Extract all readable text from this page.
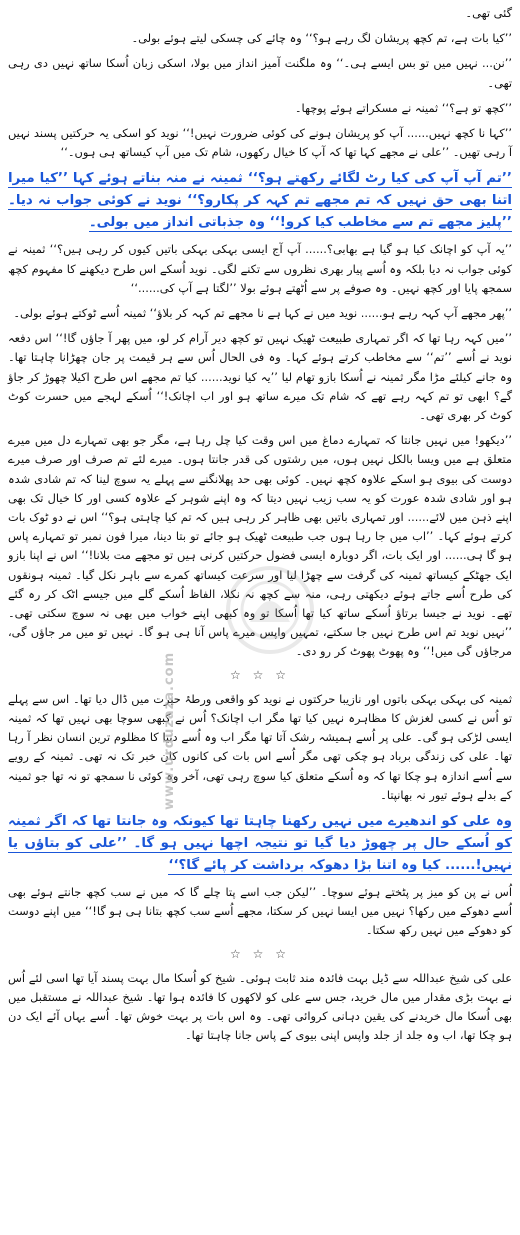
گئی تھی۔
’’کیا بات ہے، تم کچھ پریشان لگ رہے ہو؟‘‘ وہ چائے کی چسکی لیتے ہوئے بولی۔
’’نن... نہیں میں تو بس ایسے ہی۔‘‘ وہ ملگنت آمیز انداز میں بولا، اسکی زبان اُسکا ساتھ نہیں دی رہی تھی۔
’’کچھ تو ہے؟‘‘ ثمینہ نے مسکراتے ہوئے پوچھا۔
’’کہا نا کچھ نہیں...... آپ کو پریشان ہونے کی کوئی ضرورت نہیں!‘‘ نوید کو اسکی یہ حرکتیں پسند نہیں آ رہی تھیں۔ ’’علی نے مجھے کہا تھا کہ آپ کا خیال رکھوں، شام تک میں آپ کیساتھ ہی ہوں۔‘‘
’’تم آپ آپ کی کیا رٹ لگائے رکھتے ہو؟‘‘ ثمینہ نے منہ بناتے ہوئے کہا ’’کیا میرا اتنا بھی حق نہیں کہ تم مجھے تم کہہ کر پکارو؟‘‘ نوید نے کوئی جواب نہ دیا۔ ’’پلیز مجھے تم سے مخاطب کیا کرو!‘‘ وہ جذباتی انداز میں بولی۔
’’یہ آپ کو اچانک کیا ہو گیا ہے بھابی؟...... آپ آج ایسی بہکی بہکی باتیں کیوں کر رہی ہیں؟‘‘ ثمینہ نے کوئی جواب نہ دیا بلکہ وہ اُسے پیار بھری نظروں سے تکنے لگی۔ نوید اُسکے اس طرح دیکھنے کا مفہوم کچھ سمجھ پایا اور کچھ نہیں۔ وہ صوفے پر سے اُٹھتے ہوئے بولا ’’لگتا ہے آپ کی......‘‘
’’پھر مجھے آپ کہہ رہے ہو...... نوید میں نے کہا ہے نا مجھے تم کہہ کر بلاؤ‘‘ ثمینہ اُسے ٹوکتے ہوئے بولی۔
’’میں کہہ رہا تھا کہ اگر تمہاری طبیعت ٹھیک نہیں تو کچھ دیر آرام کر لو، میں پھر آ جاؤں گا!‘‘ اس دفعہ نوید نے اُسے ’’تم‘‘ سے مخاطب کرتے ہوئے کہا۔ وہ فی الحال اُس سے ہر قیمت پر جان چھڑانا چاہتا تھا۔ وہ جانے کیلئے مڑا مگر ثمینہ نے اُسکا بازو تھام لیا ’’یہ کیا نوید...... کیا تم مجھے اس طرح اکیلا چھوڑ کر جاؤ گے؟ ابھی تو تم کہہ رہے تھے کہ شام تک میرے ساتھ ہو اور اب اچانک!‘‘ اُسکے لہجے میں حسرت کوٹ کوٹ کر بھری تھی۔
’’دیکھو! میں نہیں جانتا کہ تمہارے دماغ میں اس وقت کیا چل رہا ہے، مگر جو بھی تمہارے دل میں میرے متعلق ہے میں ویسا بالکل نہیں ہوں، میں رشتوں کی قدر جانتا ہوں۔ میرے لئے تم صرف اور صرف میرے دوست کی بیوی ہو اسکے علاوہ کچھ نہیں۔ کوئی بھی حد پھلانگنے سے پہلے یہ سوچ لینا کہ تم شادی شدہ ہو اور شادی شدہ عورت کو یہ سب زیب نہیں دیتا کہ وہ اپنے شوہر کے علاوہ کسی اور کا خیال تک بھی اپنے ذہن میں لائے...... اور تمہاری باتیں بھی ظاہر کر رہی ہیں کہ تم کیا چاہتی ہو؟‘‘ اس نے دو ٹوک بات کرتے ہوئے کہا۔ ’’اب میں جا رہا ہوں جب طبیعت ٹھیک ہو جائے تو بتا دینا، میرا فون نمبر تو تمہارے پاس ہو گا ہی...... اور ایک بات، اگر دوبارہ ایسی فضول حرکتیں کرنی ہیں تو مجھے مت بلانا!‘‘ اس نے اپنا بازو ایک جھٹکے کیساتھ ثمینہ کی گرفت سے چھڑا لیا اور سرعت کیساتھ کمرے سے باہر نکل گیا۔ ثمینہ ہونقوں کی طرح اُسے جاتے ہوئے دیکھتی رہی، منہ سے کچھ نہ نکلا، الفاظ اُسکے گلے میں جیسے اٹک کر رہ گئے تھے۔ نوید نے جیسا برتاؤ اُسکے ساتھ کیا تھا اُسکا تو وہ کبھی اپنے خواب میں بھی نہ سوچ سکتی تھی۔ ’’نہیں نوید تم اس طرح نہیں جا سکتے، تمہیں واپس میرے پاس آنا ہی ہو گا۔ نہیں تو میں مر جاؤں گی، مرجاؤں گی میں!‘‘ وہ پھوٹ پھوٹ کر رو دی۔
☆ ☆ ☆
ثمینہ کی بہکی بہکی باتوں اور نازیبا حرکتوں نے نوید کو واقعی ورطۂ حیرت میں ڈال دیا تھا۔ اس سے پہلے تو اُس نے کسی لغزش کا مظاہرہ نہیں کیا تھا مگر اب اچانک؟ اُس نے کبھی سوچا بھی نہیں تھا کہ ثمینہ ایسی لڑکی ہو گی۔ علی پر اُسے ہمیشہ رشک آتا تھا مگر اب وہ اُسے دنیا کا مظلوم ترین انسان نظر آ رہا تھا۔ علی کی زندگی برباد ہو چکی تھی مگر اُسے اس بات کی کانوں کان خبر تک نہ تھی۔ ثمینہ کے رویے سے اُسے اندازہ ہو چکا تھا کہ وہ اُسکے متعلق کیا سوچ رہی تھی، آخر وہ کوئی نا سمجھ تو نہ تھا جو ثمینہ کے بدلے ہوئے تیور نہ بھانپتا۔
وہ علی کو اندھیرے میں نہیں رکھنا چاہتا تھا کیونکہ وہ جانتا تھا کہ اگر ثمینہ کو اُسکے حال پر چھوڑ دیا گیا تو نتیجہ اچھا نہیں ہو گا۔ ’’علی کو بتاؤں یا نہیں!...... کیا وہ اتنا بڑا دھوکہ برداشت کر پائے گا؟‘‘
اُس نے پن کو میز پر پٹختے ہوئے سوچا۔ ’’لیکن جب اسے پتا چلے گا کہ میں نے سب کچھ جانتے ہوئے بھی اُسے دھوکے میں رکھا؟ نہیں میں ایسا نہیں کر سکتا، مجھے اُسے سب کچھ بتانا ہی ہو گا!‘‘ میں اپنے دوست کو دھوکے میں نہیں رکھ سکتا۔
☆ ☆ ☆
علی کی شیخ عبداللہ سے ڈیل بہت فائدہ مند ثابت ہوئی۔ شیخ کو اُسکا مال بہت پسند آیا تھا اسی لئے اُس نے بہت بڑی مقدار میں مال خرید، جس سے علی کو لاکھوں کا فائدہ ہوا تھا۔ شیخ عبداللہ نے مستقبل میں بھی اُسکا مال خریدنے کی یقین دہانی کروائی تھی۔ وہ اس بات پر بہت خوش تھا۔ اُسے یہاں آئے ایک دن ہو چکا تھا، اب وہ جلد از جلد واپس اپنی بیوی کے پاس جانا چاہتا تھا۔
www.urduzaza.com
